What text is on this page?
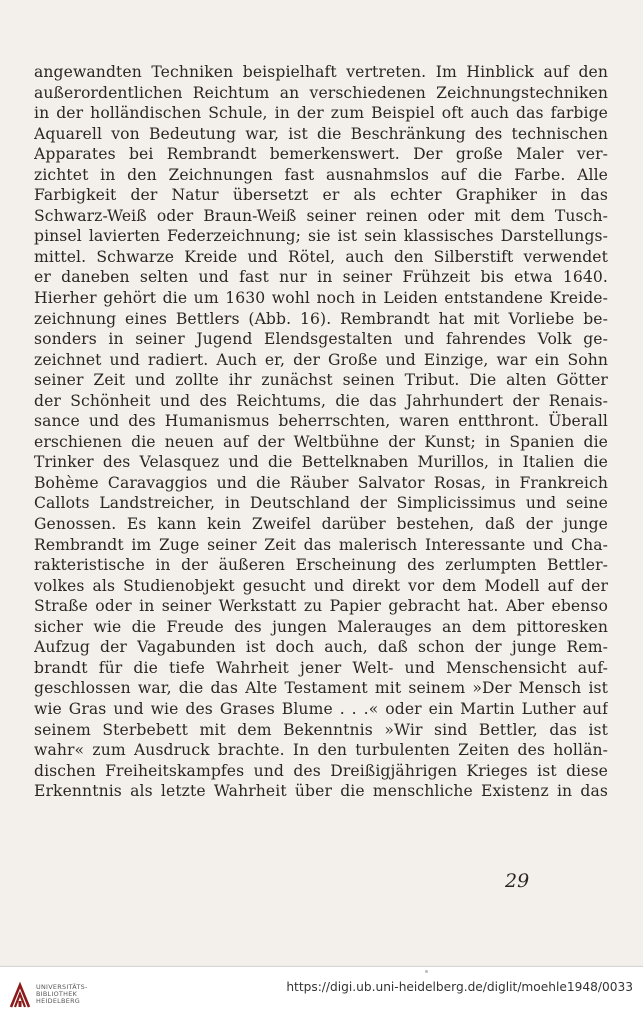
angewandten Techniken beispielhaft vertreten. Im Hinblick auf den
außerordentlichen Reichtum an verschiedenen Zeichnungstechniken
in der holländischen Schule, in der zum Beispiel oft auch das farbige
Aquarell von Bedeutung war, ist die Beschränkung des technischen
Apparates bei Rembrandt bemerkenswert. Der große Maler ver-
zichtet in den Zeichnungen fast ausnahmslos auf die Farbe. Alle
Farbigkeit der Natur übersetzt er als echter Graphiker in das
Schwarz-Weiß oder Braun-Weiß seiner reinen oder mit dem Tusch-
pinsel lavierten Federzeichnung; sie ist sein klassisches Darstellungs-
mittel. Schwarze Kreide und Rötel, auch den Silberstift verwendet
er daneben selten und fast nur in seiner Frühzeit bis etwa 1640.
Hierher gehört die um 1630 wohl noch in Leiden entstandene Kreide-
zeichnung eines Bettlers (Abb. 16). Rembrandt hat mit Vorliebe be-
sonders in seiner Jugend Elendsgestalten und fahrendes Volk ge-
zeichnet und radiert. Auch er, der Große und Einzige, war ein Sohn
seiner Zeit und zollte ihr zunächst seinen Tribut. Die alten Götter
der Schönheit und des Reichtums, die das Jahrhundert der Renais-
sance und des Humanismus beherrschten, waren entthront. Überall
erschienen die neuen auf der Weltbühne der Kunst; in Spanien die
Trinker des Velasquez und die Bettelknaben Murillos, in Italien die
Bohème Caravaggios und die Räuber Salvator Rosas, in Frankreich
Callots Landstreicher, in Deutschland der Simplicissimus und seine
Genossen. Es kann kein Zweifel darüber bestehen, daß der junge
Rembrandt im Zuge seiner Zeit das malerisch Interessante und Cha-
rakteristische in der äußeren Erscheinung des zerlumpten Bettler-
volkes als Studienobjekt gesucht und direkt vor dem Modell auf der
Straße oder in seiner Werkstatt zu Papier gebracht hat. Aber ebenso
sicher wie die Freude des jungen Malerauges an dem pittoresken
Aufzug der Vagabunden ist doch auch, daß schon der junge Rem-
brandt für die tiefe Wahrheit jener Welt- und Menschensicht auf-
geschlossen war, die das Alte Testament mit seinem »Der Mensch ist
wie Gras und wie des Grases Blume . . .« oder ein Martin Luther auf
seinem Sterbebett mit dem Bekenntnis »Wir sind Bettler, das ist
wahr« zum Ausdruck brachte. In den turbulenten Zeiten des hollän-
dischen Freiheitskampfes und des Dreißigjährigen Krieges ist diese
Erkenntnis als letzte Wahrheit über die menschliche Existenz in das
29
UNIVERSITÄTS-
BIBLIOTHEK
HEIDELBERG
https://digi.ub.uni-heidelberg.de/diglit/moehle1948/0033
